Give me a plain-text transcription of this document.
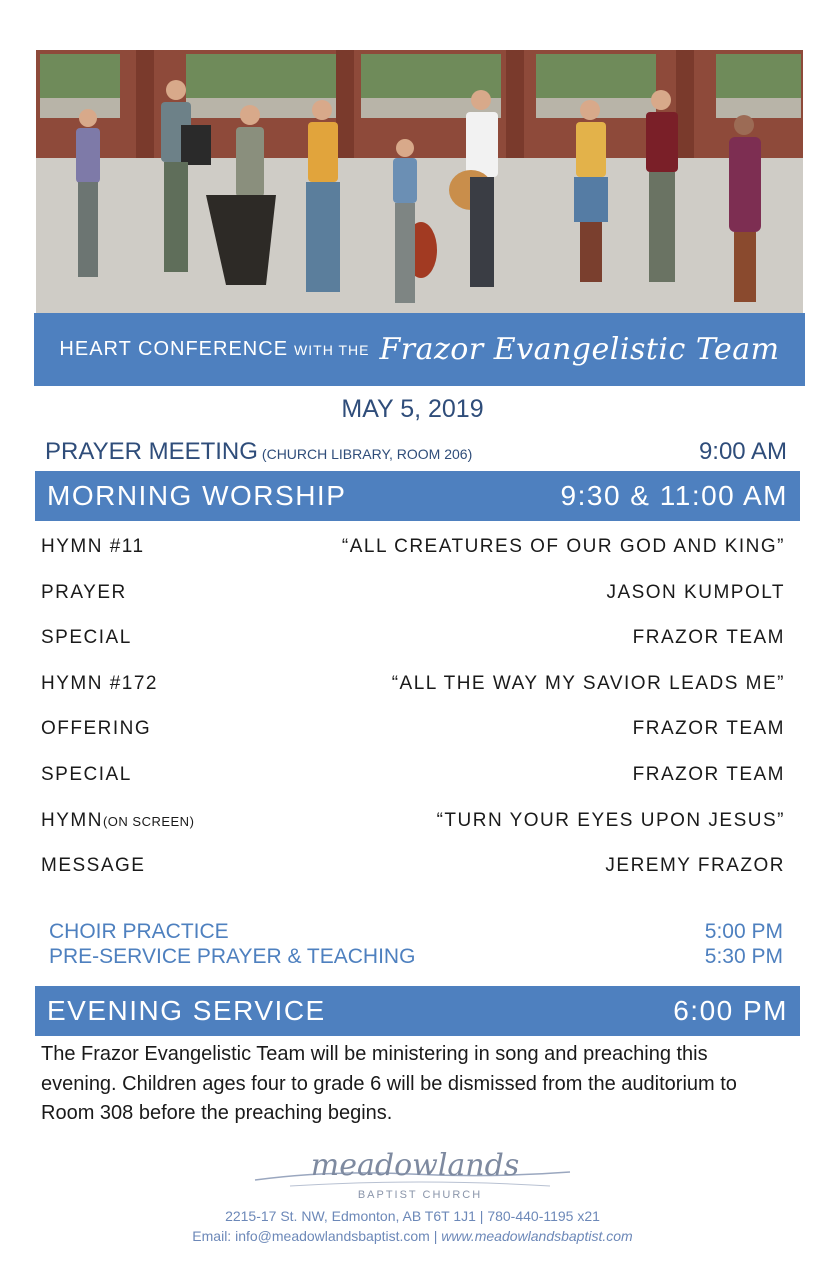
HEART CONFERENCE WITH THE Frazor Evangelistic Team
MAY 5, 2019
PRAYER MEETING (CHURCH LIBRARY, ROOM 206)	9:00 AM
MORNING WORSHIP	9:30 & 11:00 AM
HYMN #11	“ALL CREATURES OF OUR GOD AND KING”
PRAYER	JASON KUMPOLT
SPECIAL	FRAZOR TEAM
HYMN #172	“ALL THE WAY MY SAVIOR LEADS ME”
OFFERING	FRAZOR TEAM
SPECIAL	FRAZOR TEAM
HYMN(ON SCREEN)	“TURN YOUR EYES UPON JESUS”
MESSAGE	JEREMY FRAZOR
CHOIR PRACTICE	5:00 PM
PRE-SERVICE PRAYER & TEACHING	5:30 PM
EVENING SERVICE	6:00 PM
The Frazor Evangelistic Team will be ministering in song and preaching this evening. Children ages four to grade 6 will be dismissed from the auditorium to Room 308 before the preaching begins.
meadowlands
BAPTIST CHURCH
2215-17 St. NW, Edmonton, AB T6T 1J1 | 780-440-1195 x21
Email: info@meadowlandsbaptist.com | www.meadowlandsbaptist.com
